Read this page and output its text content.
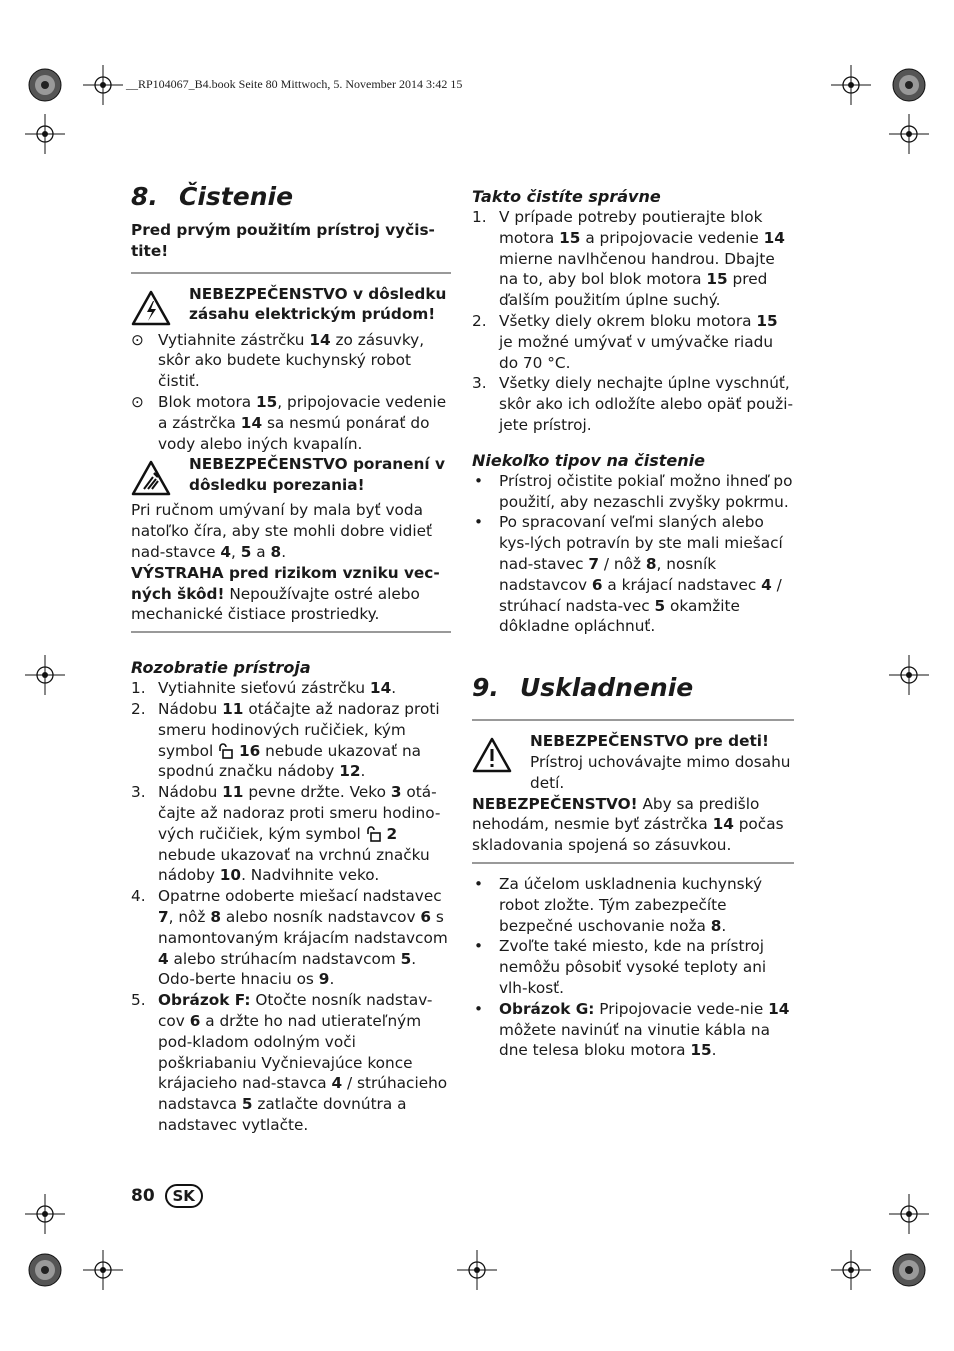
__RP104067_B4.book Seite 80 Mittwoch, 5. November 2014 3:42 15
8. Čistenie

Pred prvým použitím prístroj vyčis-tite!

NEBEZPEČENSTVO v dôsledku zásahu elektrickým prúdom!

⊙ Vytiahnite zástrčku 14 zo zásuvky, skôr ako budete kuchynský robot čistiť.
⊙ Blok motora 15, pripojovacie vedenie a zástrčka 14 sa nesmú ponárať do vody alebo iných kvapalín.

NEBEZPEČENSTVO poranení v dôsledku porezania!

Pri ručnom umývaní by mala byť voda natoľko čírа, aby ste mohli dobre vidieť nad-stavce 4, 5 a 8.

VÝSTRAHA pred rizikom vzniku vec-ných škôd! Nepoužívajte ostré alebo mechanické čistiace prostriedky.

Rozobratie prístroja
1. Vytiahnite sieťovú zástrčku 14.
2. Nádobu 11 otáčajte až nadoraz proti smeru hodinových ručičiek, kým symbol  16 nebude ukazovať na spodnú značku nádoby 12.
3. Nádobu 11 pevne držte. Veko 3 otá-čajte až nadoraz proti smeru hodino-vých ručičiek, kým symbol  2 nebude ukazovať na vrchnú značku nádoby 10. Nadvihnite veko.
4. Opatrne odoberte miešací nadstavec 7, nôž 8 alebo nosník nadstavcov 6 s namontovaným krájacím nadstavcom 4 alebo strúhacím nadstavcom 5. Odo-berte hnaciu os 9.
5. Obrázok F: Otočte nosník nadstav-cov 6 a držte ho nad utierateľným pod-kladom odolným voči poškriabaniu Vyčnievajúce konce krájacieho nad-stavca 4 / strúhacieho nadstavca 5 zatlačte dovnútra a nadstavec vytlačte.
Takto čistíte správne
1. V prípade potreby poutierajte blok motora 15 a pripojovacie vedenie 14 mierne navlhčenou handrou. Dbajte na to, aby bol blok motora 15 pred ďalším použitím úplne suchý.
2. Všetky diely okrem bloku motora 15 je možné umývať v umývačke riadu do 70 °C.
3. Všetky diely nechajte úplne vyschnúť, skôr ako ich odložíte alebo opäť použi-jete prístroj.
Niekoľko tipov na čistenie
•	Prístroj očistite pokiaľ možno ihneď po použití, aby nezaschli zvyšky pokrmu.
•	Po spracovaní veľmi slaných alebo kys-lých potravín by ste mali miešací nad-stavec 7 / nôž 8, nosník nadstavcov 6 a krájací nadstavec 4 / strúhací nadsta-vec 5 okamžite dôkladne opláchnuť.
9. Uskladnenie

NEBEZPEČENSTVO pre deti!

Prístroj uchovávajte mimo dosahu detí.

NEBEZPEČENSTVO! Aby sa predišlo nehodám, nesmie byť zástrčka 14 počas skladovania spojená so zásuvkou.

•	Za účelom uskladnenia kuchynský robot zložte. Tým zabezpečíte bezpečné uschovanie noža 8.
•	Zvoľte také miesto, kde na prístroj nemôžu pôsobiť vysoké teploty ani vlh-kosť.
•	Obrázok G: Pripojovacie vede-nie 14 môžete navinúť na vinutie kábla na dne telesa bloku motora 15.
80	SK
